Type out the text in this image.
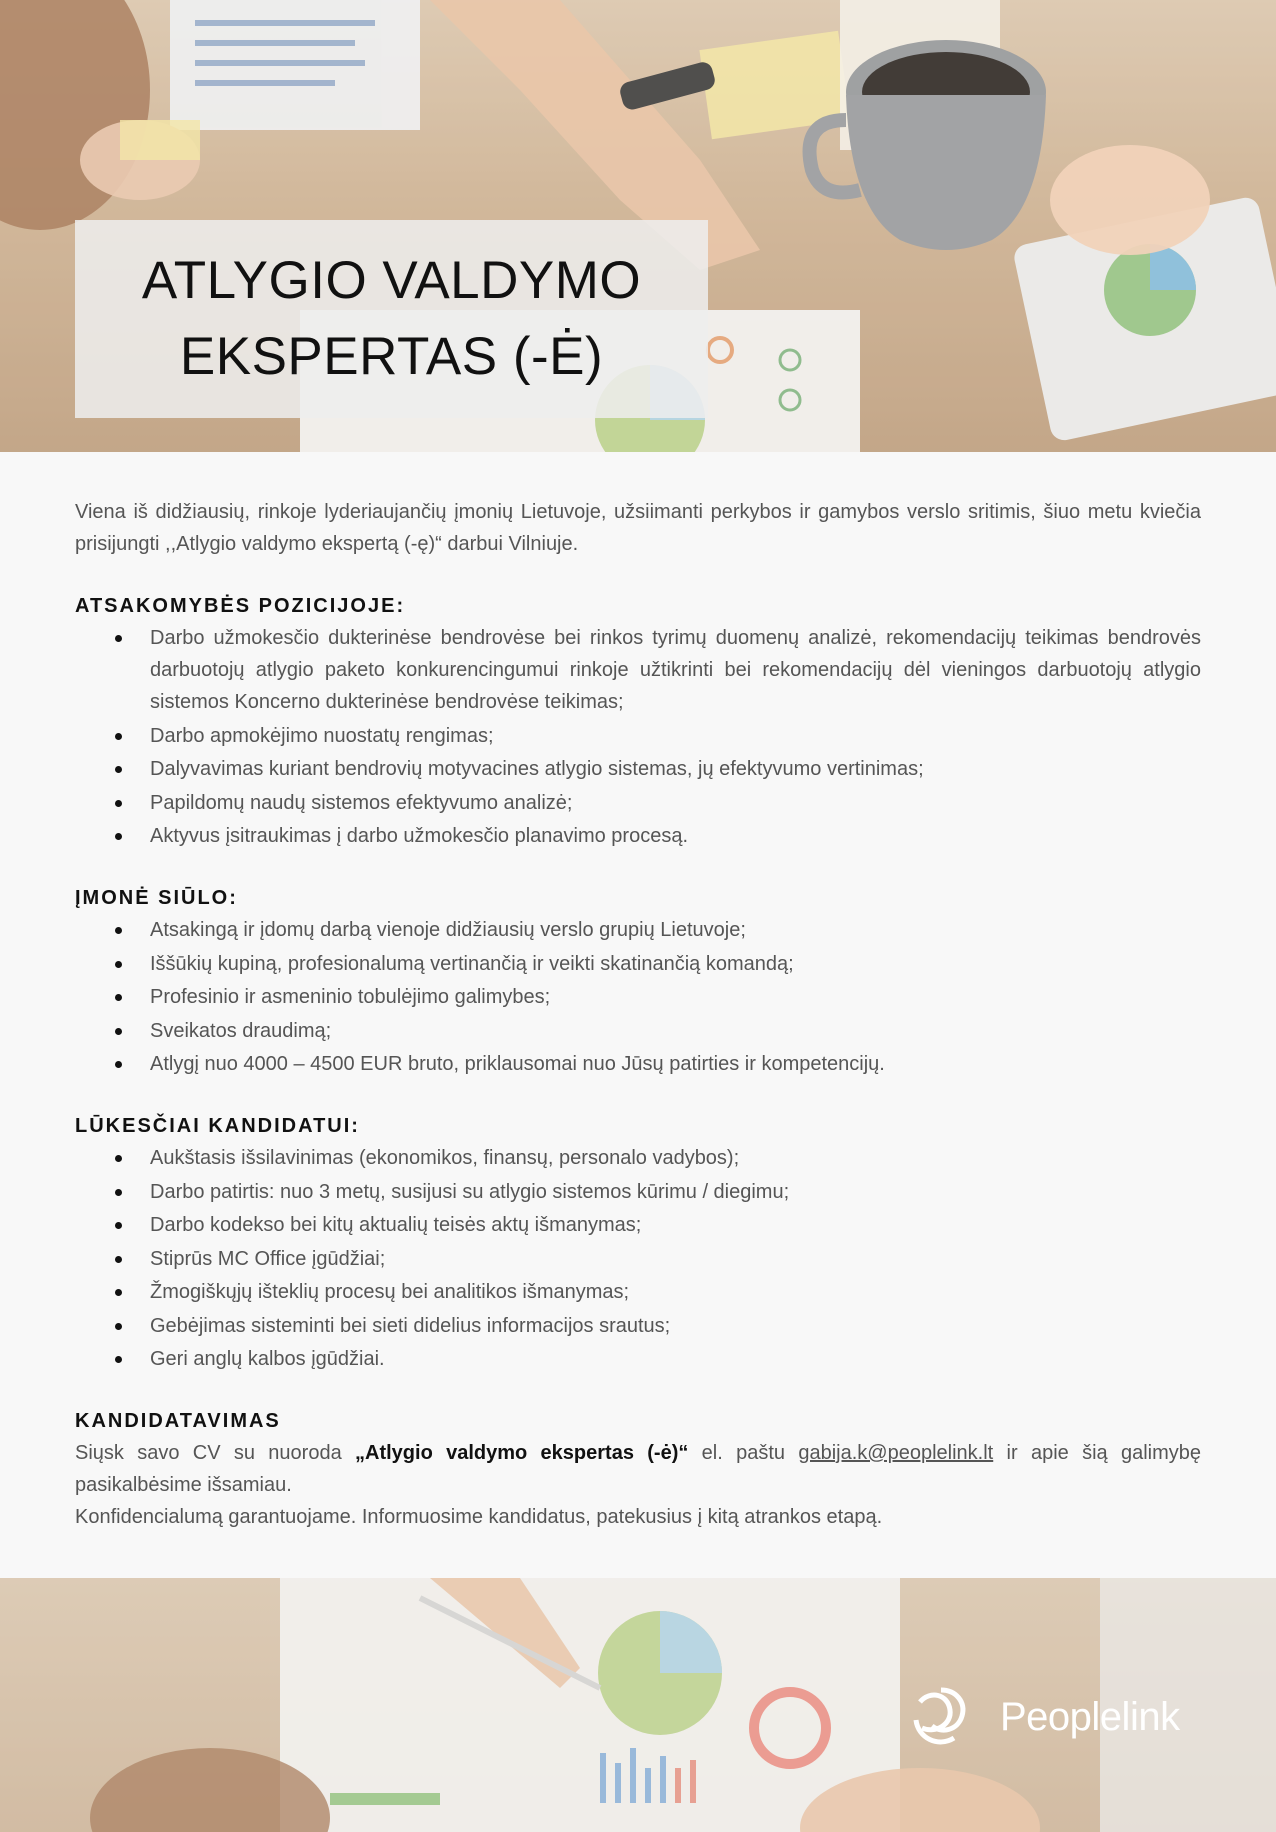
ATLYGIO VALDYMO
EKSPERTAS (-Ė)

Viena iš didžiausių, rinkoje lyderiaujančių įmonių Lietuvoje, užsiimanti perkybos ir gamybos verslo sritimis, šiuo metu kviečia prisijungti ,,Atlygio valdymo ekspertą (-ę)“ darbui Vilniuje.

ATSAKOMYBĖS POZICIJOJE:
Darbo užmokesčio dukterinėse bendrovėse bei rinkos tyrimų duomenų analizė, rekomendacijų teikimas bendrovės darbuotojų atlygio paketo konkurencingumui rinkoje užtikrinti bei rekomendacijų dėl vieningos darbuotojų atlygio sistemos Koncerno dukterinėse bendrovėse teikimas;
Darbo apmokėjimo nuostatų rengimas;
Dalyvavimas kuriant bendrovių motyvacines atlygio sistemas, jų efektyvumo vertinimas;
Papildomų naudų sistemos efektyvumo analizė;
Aktyvus įsitraukimas į darbo užmokesčio planavimo procesą.
ĮMONĖ SIŪLO:
Atsakingą ir įdomų darbą vienoje didžiausių verslo grupių Lietuvoje;
Iššūkių kupiną, profesionalumą vertinančią ir veikti skatinančią komandą;
Profesinio ir asmeninio tobulėjimo galimybes;
Sveikatos draudimą;
Atlygį nuo 4000 – 4500 EUR bruto, priklausomai nuo Jūsų patirties ir kompetencijų.
LŪKESČIAI KANDIDATUI:
Aukštasis išsilavinimas (ekonomikos, finansų, personalo vadybos);
Darbo patirtis: nuo 3 metų, susijusi su atlygio sistemos kūrimu / diegimu;
Darbo kodekso bei kitų aktualių teisės aktų išmanymas;
Stiprūs MC Office įgūdžiai;
Žmogiškųjų išteklių procesų bei analitikos išmanymas;
Gebėjimas sisteminti bei sieti didelius informacijos srautus;
Geri anglų kalbos įgūdžiai.
KANDIDATAVIMAS

Siųsk savo CV su nuoroda „Atlygio valdymo ekspertas (-ė)“ el. paštu gabija.k@peoplelink.lt ir apie šią galimybę pasikalbėsime išsamiau.

Konfidencialumą garantuojame. Informuosime kandidatus, patekusius į kitą atrankos etapą.

Peoplelink
